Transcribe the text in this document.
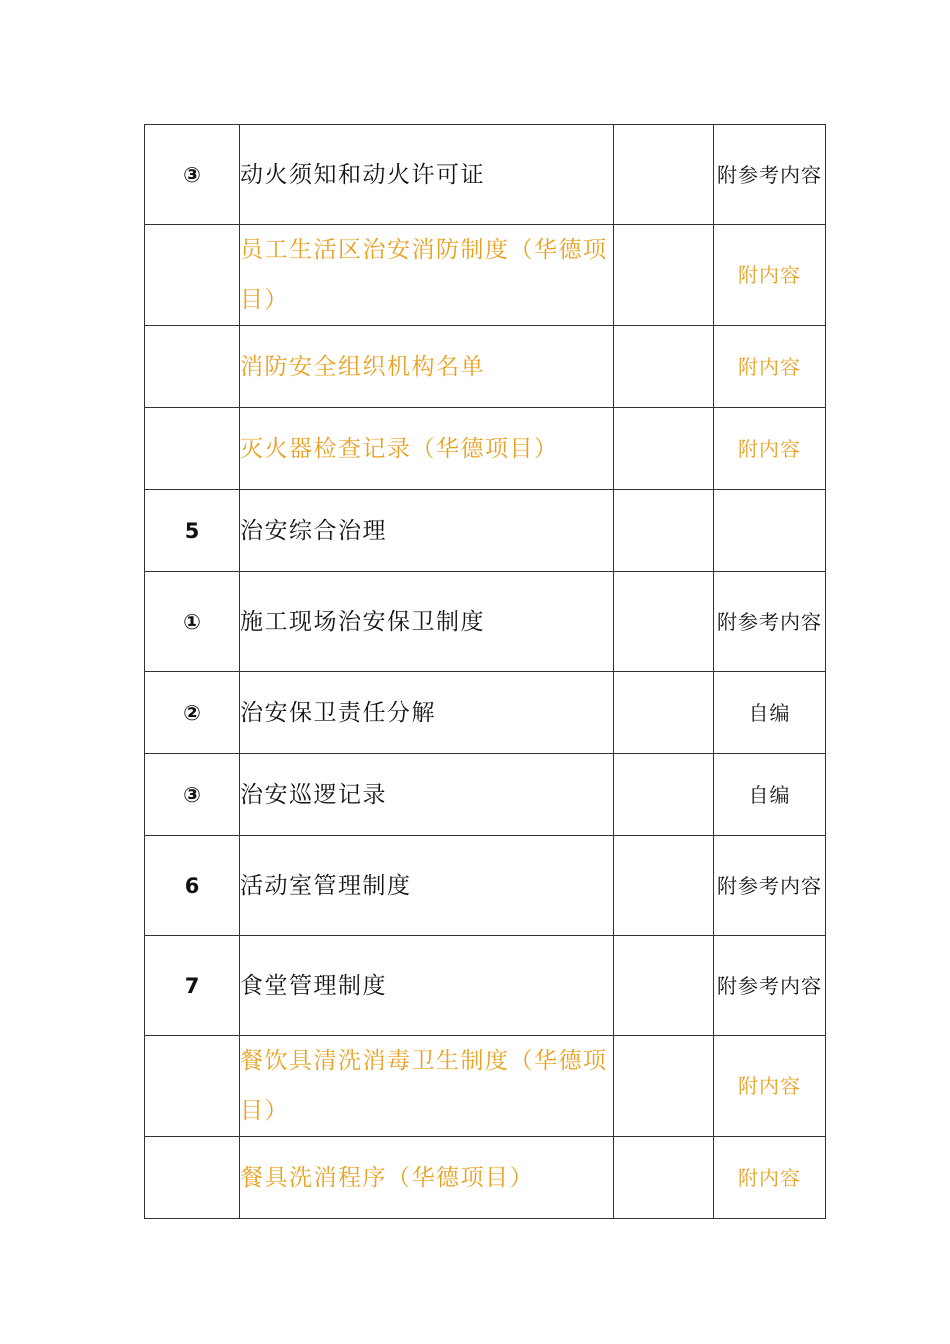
③	动火须知和动火许可证		附参考内容
	员工生活区治安消防制度（华德项目）		附内容
	消防安全组织机构名单		附内容
	灭火器检查记录（华德项目）		附内容
5	治安综合治理		
①	施工现场治安保卫制度		附参考内容
②	治安保卫责任分解		自编
③	治安巡逻记录		自编
6	活动室管理制度		附参考内容
7	食堂管理制度		附参考内容
	餐饮具清洗消毒卫生制度（华德项目）		附内容
	餐具洗消程序（华德项目）		附内容
